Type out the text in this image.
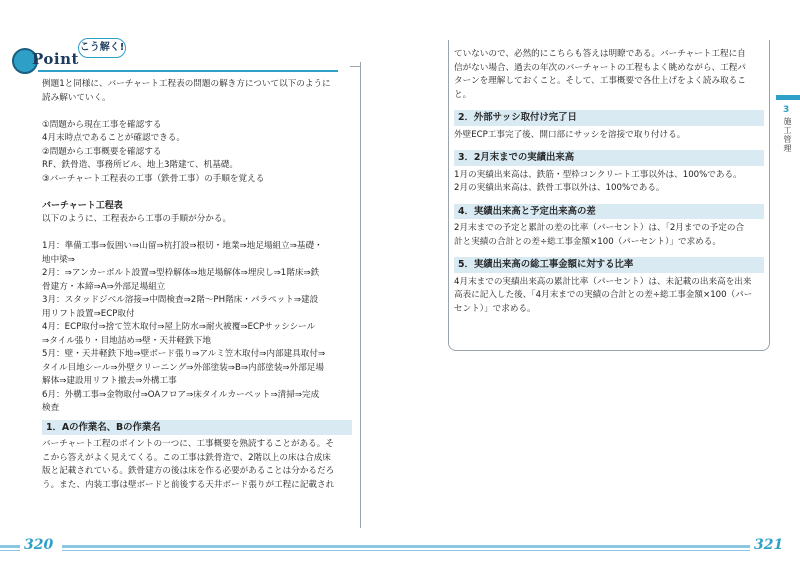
Point
こう解く!

例題1と同様に、バーチャート工程表の問題の解き方について以下のように

読み解いていく。

①問題から現在工事を確認する

4月末時点であることが確認できる。

②問題から工事概要を確認する

RF、鉄骨造、事務所ビル、地上3階建て、机基礎。

③バーチャート工程表の工事（鉄骨工事）の手順を覚える

バーチャート工程表

以下のように、工程表から工事の手順が分かる。

1月：準備工事⇒仮囲い⇒山留⇒杭打設⇒根切・地業⇒地足場組立⇒基礎・

地中梁⇒

2月：⇒アンカーボルト設置⇒型枠解体⇒地足場解体⇒埋戻し⇒1階床⇒鉄

骨建方・本締⇒A⇒外部足場組立

3月：スタッドジベル溶接⇒中間検査⇒2階～PH階床・パラペット⇒建設

用リフト設置⇒ECP取付

4月：ECP取付⇒捨て笠木取付⇒屋上防水⇒耐火被覆⇒ECPサッシシール

⇒タイル張り・目地詰め⇒壁・天井軽鉄下地

5月：壁・天井軽鉄下地⇒壁ボード張り⇒アルミ笠木取付⇒内部建具取付⇒

タイル目地シール⇒外壁クリーニング⇒外部塗装⇒B⇒内部塗装⇒外部足場

解体⇒建設用リフト撤去⇒外構工事

6月：外構工事⇒金物取付⇒OAフロア⇒床タイルカーペット⇒清掃⇒完成

検査

1．Aの作業名、Bの作業名

バーチャート工程のポイントの一つに、工事概要を熟読することがある。そ

こから答えがよく見えてくる。この工事は鉄骨造で、2階以上の床は合成床

版と記載されている。鉄骨建方の後は床を作る必要があることは分かるだろ

う。また、内装工事は壁ボードと前後する天井ボード張りが工程に記載され

320

ていないので、必然的にこちらも答えは明瞭である。バーチャート工程に自

信がない場合、過去の年次のバーチャートの工程もよく眺めながら、工程パ

ターンを理解しておくこと。そして、工事概要で各仕上げをよく読み取るこ

と。

2．外部サッシ取付け完了日

外壁ECP工事完了後、開口部にサッシを溶接で取り付ける。

3．2月末までの実績出来高

1月の実績出来高は、鉄筋・型枠コンクリート工事以外は、100%である。

2月の実績出来高は、鉄骨工事以外は、100%である。

4．実績出来高と予定出来高の差

2月末までの予定と累計の差の比率（パーセント）は、「2月までの予定の合

計と実績の合計との差÷総工事金額×100（パーセント）」で求める。

5．実績出来高の総工事金額に対する比率

4月末までの実績出来高の累計比率（パーセント）は、未記載の出来高を出来

高表に記入した後、「4月末までの実績の合計との差÷総工事金額×100（パー

セント）」で求める。

3
施工管理
321
